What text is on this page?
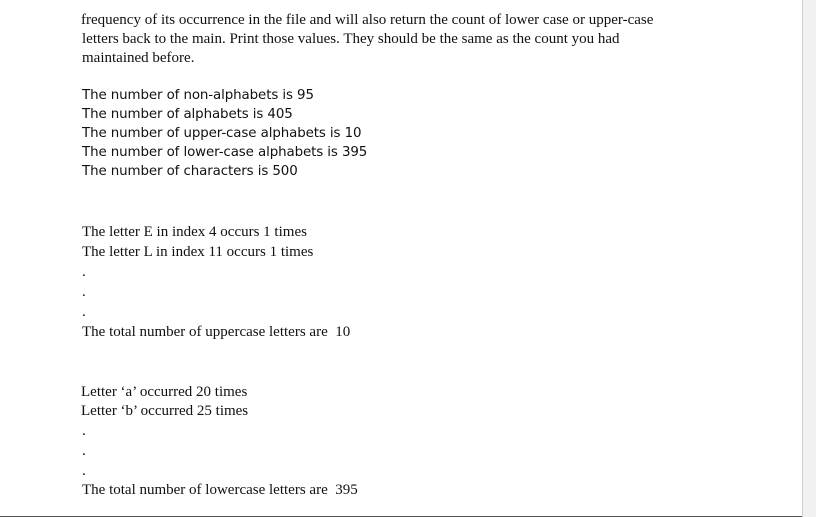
frequency of its occurrence in the file and will also return the count of lower case or upper-case
letters back to the main. Print those values. They should be the same as the count you had
maintained before.
The number of non-alphabets is 95
The number of alphabets is 405
The number of upper-case alphabets is 10
The number of lower-case alphabets is 395
The number of characters is 500
The letter E in index 4 occurs 1 times
The letter L in index 11 occurs 1 times
.
.
.
The total number of uppercase letters are  10
Letter ‘a’ occurred 20 times
Letter ‘b’ occurred 25 times
.
.
.
The total number of lowercase letters are  395
